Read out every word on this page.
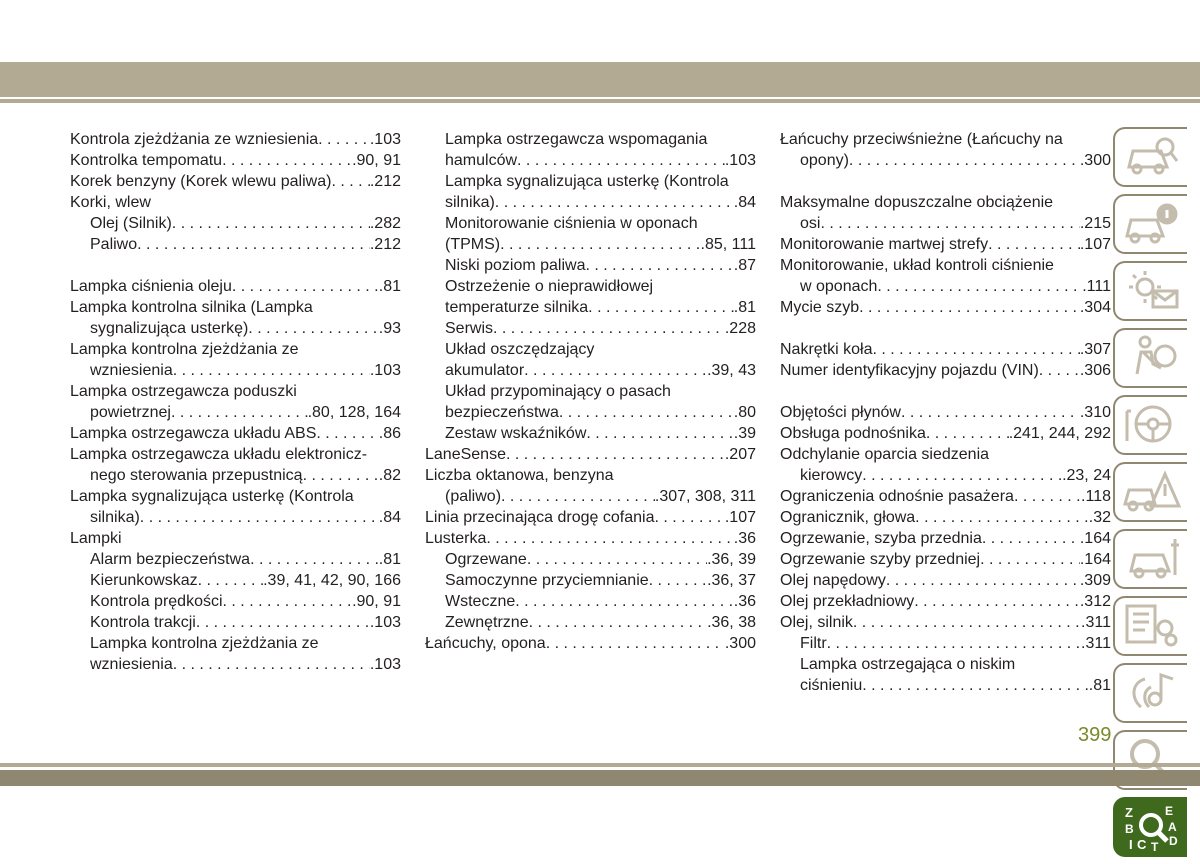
Kontrola zjeżdżania ze wzniesienia . . .	.103
Kontrolka tempomatu . . .	.90, 91
Korek benzyny (Korek wlewu paliwa) . . . .212
Korki, wlew
Olej (Silnik) . . .	.282
Paliwo . . .	.212
Lampka ciśnienia oleju . . .	.81
Lampka kontrolna silnika (Lampka
sygnalizująca usterkę) . . .	.93
Lampka kontrolna zjeżdżania ze
wzniesienia . . .	.103
Lampka ostrzegawcza poduszki
powietrznej . . .	.80, 128, 164
Lampka ostrzegawcza układu ABS . . .	.86
Lampka ostrzegawcza układu elektronicz-
nego sterowania przepustnicą . . .	.82
Lampka sygnalizująca usterkę (Kontrola
silnika) . . .	.84
Lampki
Alarm bezpieczeństwa . . .	.81
Kierunkowskaz . . .	.39, 41, 42, 90, 166
Kontrola prędkości . . .	.90, 91
Kontrola trakcji . . .	.103
Lampka kontrolna zjeżdżania ze
wzniesienia . . .	.103
Lampka ostrzegawcza wspomagania
hamulców . . .	.103
Lampka sygnalizująca usterkę (Kontrola
silnika) . . .	.84
Monitorowanie ciśnienia w oponach
(TPMS) . . .	.85, 111
Niski poziom paliwa . . .	.87
Ostrzeżenie o nieprawidłowej
temperaturze silnika . . .	.81
Serwis . . .	.228
Układ oszczędzający
akumulator . . .	.39, 43
Układ przypominający o pasach
bezpieczeństwa . . .	.80
Zestaw wskaźników . . .	.39
LaneSense . . .	.207
Liczba oktanowa, benzyna
(paliwo) . . .	.307, 308, 311
Linia przecinająca drogę cofania . . .	.107
Lusterka . . .	.36
Ogrzewane . . .	.36, 39
Samoczynne przyciemnianie . . .	.36, 37
Wsteczne . . .	.36
Zewnętrzne . . .	.36, 38
Łańcuchy, opona . . .	.300
Łańcuchy przeciwśnieżne (Łańcuchy na
opony) . . .	.300
Maksymalne dopuszczalne obciążenie
osi . . .	.215
Monitorowanie martwej strefy . . .	.107
Monitorowanie, układ kontroli ciśnienie
w oponach . . .	.111
Mycie szyb . . .	.304
Nakrętki koła . . .	.307
Numer identyfikacyjny pojazdu (VIN) . . .	.306
Objętości płynów . . .	.310
Obsługa podnośnika . . .	.241, 244, 292
Odchylanie oparcia siedzenia
kierowcy . . .	.23, 24
Ograniczenia odnośnie pasażera . . .	.118
Ogranicznik, głowa . . .	.32
Ogrzewanie, szyba przednia . . .	.164
Ogrzewanie szyby przedniej . . .	.164
Olej napędowy . . .	.309
Olej przekładniowy . . .	.312
Olej, silnik . . .	.311
Filtr . . .	.311
Lampka ostrzegająca o niskim
ciśnieniu . . .	.81
Z	E
B	A
I C T D
399
